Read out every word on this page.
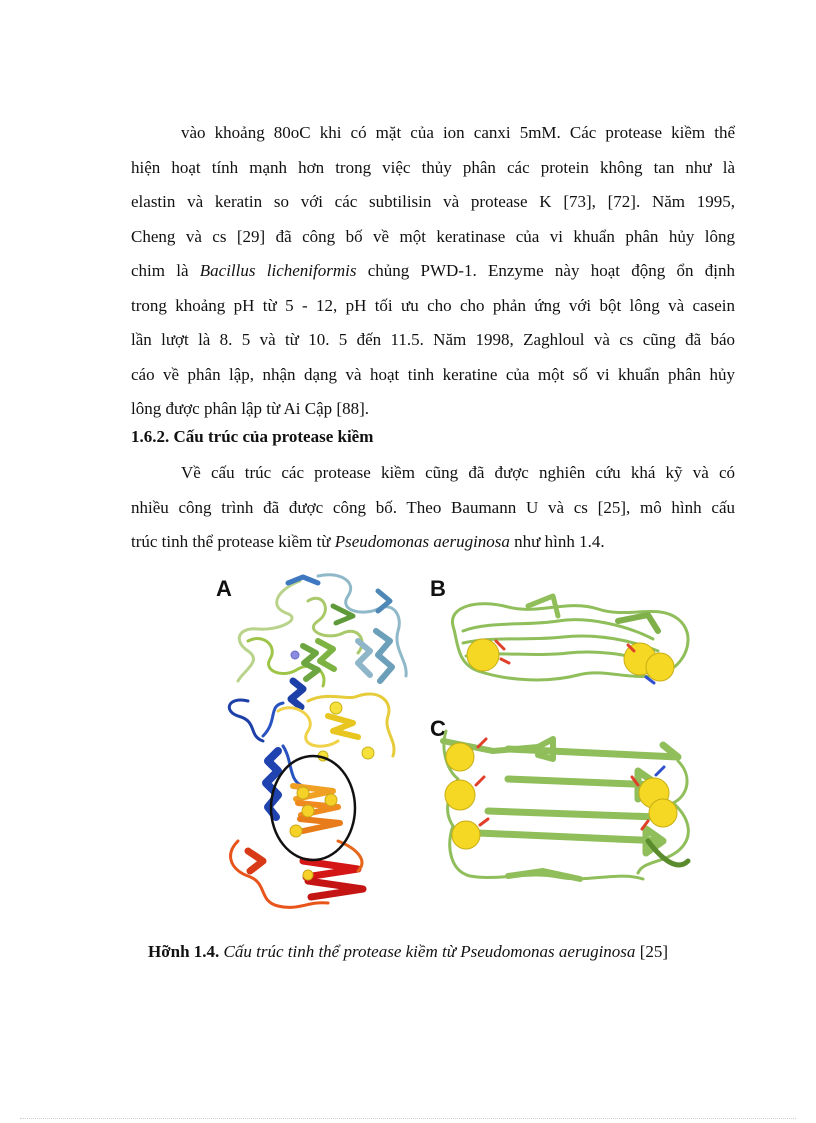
vào khoảng 80oC khi có mặt của ion canxi 5mM. Các protease kiềm thể
hiện hoạt tính mạnh hơn trong việc thủy phân các protein không tan như là
elastin và keratin so với các subtilisin và protease K [73], [72]. Năm 1995,
Cheng và cs [29] đã công bố về một keratinase của vi khuẩn phân hủy lông
chim là Bacillus licheniformis chủng PWD-1. Enzyme này hoạt động ổn định
trong khoảng pH từ 5 - 12, pH tối ưu cho cho phản ứng với bột lông và casein
lần lượt là 8. 5 và từ 10. 5 đến 11.5. Năm 1998, Zaghloul và cs cũng đã báo
cáo về phân lập, nhận dạng và hoạt tinh keratine của một số vi khuẩn phân hủy
lông được phân lập từ Ai Cập [88].
1.6.2. Cấu trúc của protease kiềm
Về cấu trúc các protease kiềm cũng đã được nghiên cứu khá kỹ và có
nhiều công trình đã được công bố. Theo Baumann U và cs [25], mô hình cấu
trúc tinh thể protease kiềm từ Pseudomonas aeruginosa như hình 1.4.
A	B
C
Hỡnh 1.4. Cấu trúc tinh thể protease kiềm từ Pseudomonas aeruginosa [25]
